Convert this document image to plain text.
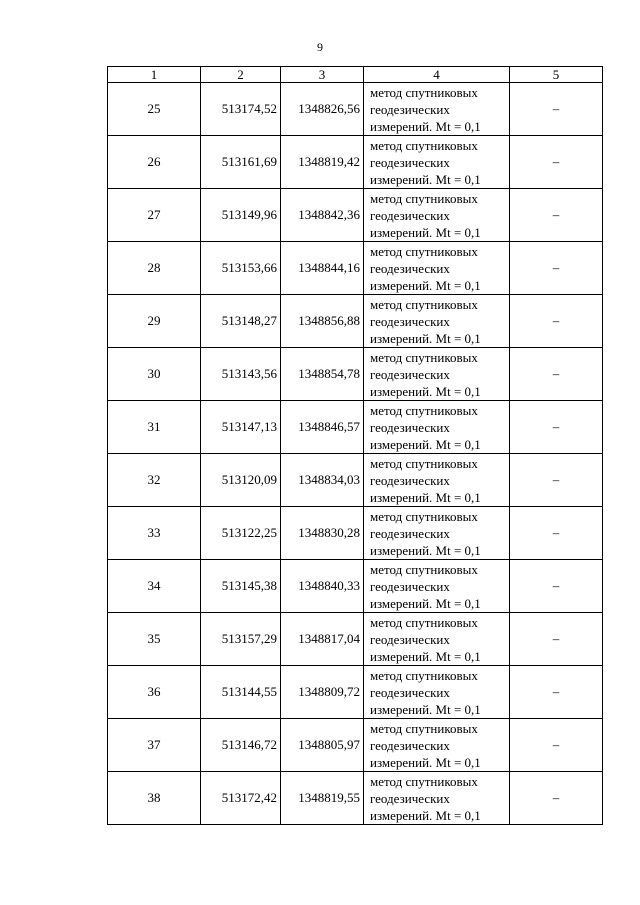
9
1	2	3	4	5
25	513174,52	1348826,56	метод спутниковых
геодезических
измерений. Mt = 0,1	–
26	513161,69	1348819,42	метод спутниковых
геодезических
измерений. Mt = 0,1	–
27	513149,96	1348842,36	метод спутниковых
геодезических
измерений. Mt = 0,1	–
28	513153,66	1348844,16	метод спутниковых
геодезических
измерений. Mt = 0,1	–
29	513148,27	1348856,88	метод спутниковых
геодезических
измерений. Mt = 0,1	–
30	513143,56	1348854,78	метод спутниковых
геодезических
измерений. Mt = 0,1	–
31	513147,13	1348846,57	метод спутниковых
геодезических
измерений. Mt = 0,1	–
32	513120,09	1348834,03	метод спутниковых
геодезических
измерений. Mt = 0,1	–
33	513122,25	1348830,28	метод спутниковых
геодезических
измерений. Mt = 0,1	–
34	513145,38	1348840,33	метод спутниковых
геодезических
измерений. Mt = 0,1	–
35	513157,29	1348817,04	метод спутниковых
геодезических
измерений. Mt = 0,1	–
36	513144,55	1348809,72	метод спутниковых
геодезических
измерений. Mt = 0,1	–
37	513146,72	1348805,97	метод спутниковых
геодезических
измерений. Mt = 0,1	–
38	513172,42	1348819,55	метод спутниковых
геодезических
измерений. Mt = 0,1	–
